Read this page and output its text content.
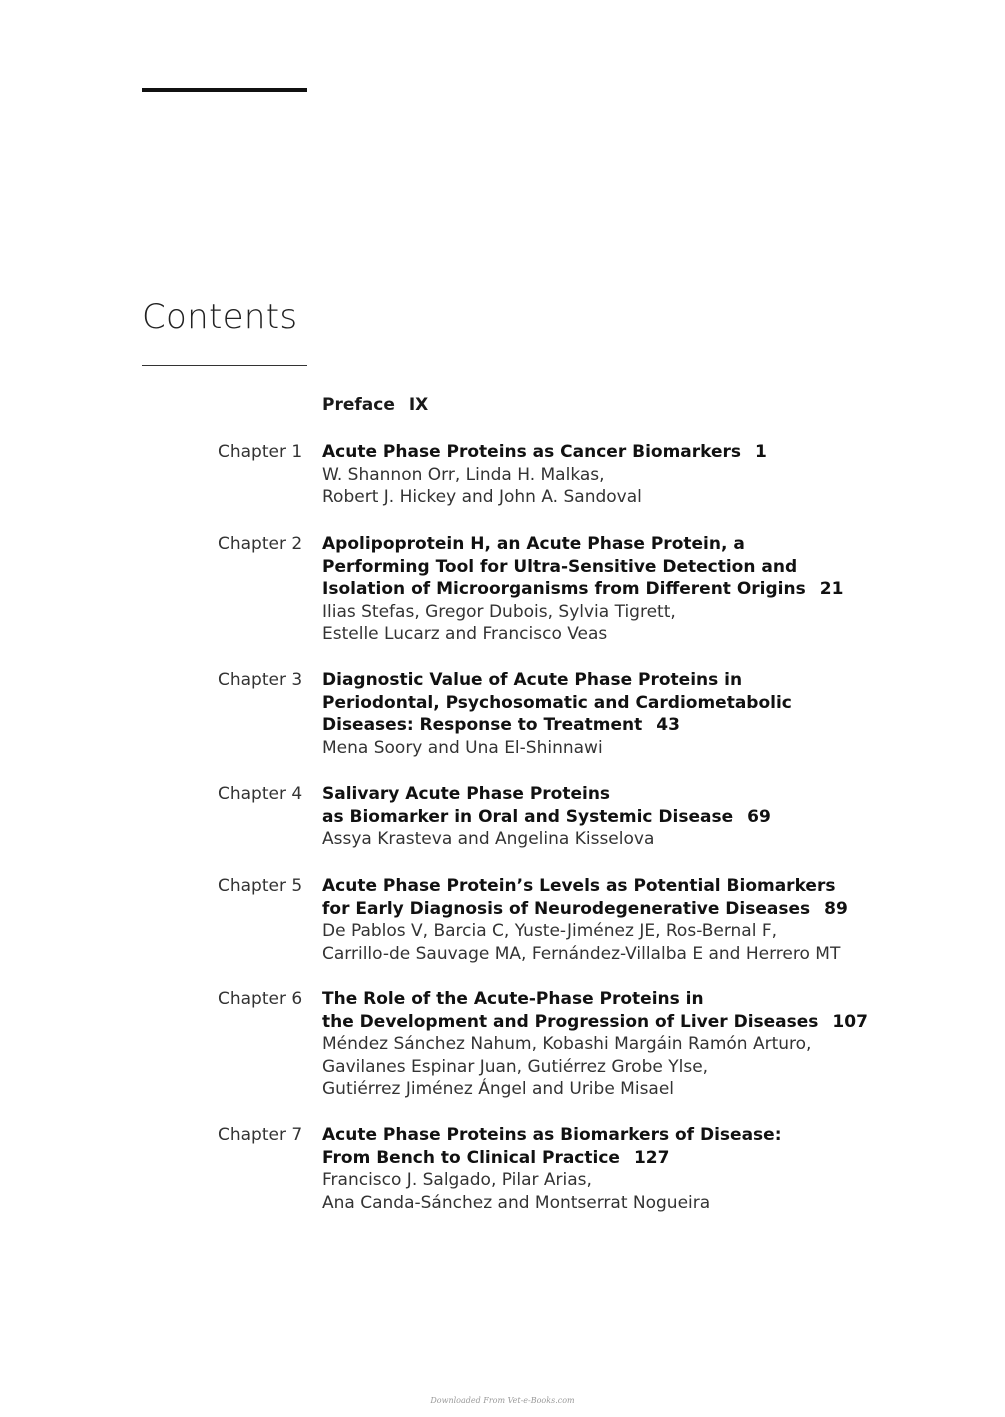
Contents
Preface IX
Chapter 1 Acute Phase Proteins as Cancer Biomarkers 1
W. Shannon Orr, Linda H. Malkas,
Robert J. Hickey and John A. Sandoval
Chapter 2 Apolipoprotein H, an Acute Phase Protein, a
Performing Tool for Ultra-Sensitive Detection and
Isolation of Microorganisms from Different Origins 21
Ilias Stefas, Gregor Dubois, Sylvia Tigrett,
Estelle Lucarz and Francisco Veas
Chapter 3 Diagnostic Value of Acute Phase Proteins in
Periodontal, Psychosomatic and Cardiometabolic
Diseases: Response to Treatment 43
Mena Soory and Una El-Shinnawi
Chapter 4 Salivary Acute Phase Proteins
as Biomarker in Oral and Systemic Disease 69
Assya Krasteva and Angelina Kisselova
Chapter 5 Acute Phase Protein’s Levels as Potential Biomarkers
for Early Diagnosis of Neurodegenerative Diseases 89
De Pablos V, Barcia C, Yuste-Jiménez JE, Ros-Bernal F,
Carrillo-de Sauvage MA, Fernández-Villalba E and Herrero MT
Chapter 6 The Role of the Acute-Phase Proteins in
the Development and Progression of Liver Diseases 107
Méndez Sánchez Nahum, Kobashi Margáin Ramón Arturo,
Gavilanes Espinar Juan, Gutiérrez Grobe Ylse,
Gutiérrez Jiménez Ángel and Uribe Misael
Chapter 7 Acute Phase Proteins as Biomarkers of Disease:
From Bench to Clinical Practice 127
Francisco J. Salgado, Pilar Arias,
Ana Canda-Sánchez and Montserrat Nogueira
Downloaded From Vet-e-Books.com
